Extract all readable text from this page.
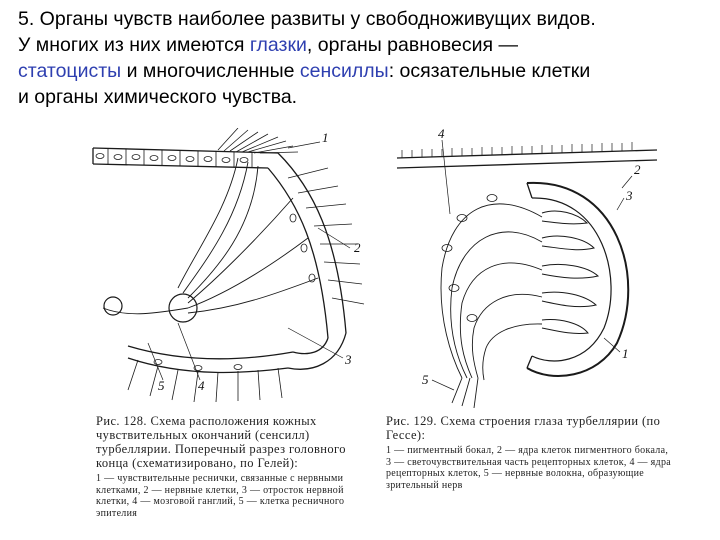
5. Органы чувств наиболее развиты у свободноживущих видов.

У многих из них имеются глазки, органы равновесия —

статоцисты и многочисленные сенсиллы: осязательные клетки

и органы химического чувства.

1
2
3
4
5
Рис. 128. Схема расположения кожных чувствительных окончаний (сенсилл) турбеллярии. Поперечный разрез головного конца (схематизировано, по Гелей):
1 — чувствительные реснички, связанные с нервными клетками, 2 — нервные клетки, 3 — отросток нервной клетки, 4 — мозговой ганглий, 5 — клетка ресничного эпителия
4
2
3
1
5
Рис. 129. Схема строения глаза турбеллярии (по Гессе):
1 — пигментный бокал, 2 — ядра клеток пигментного бокала, 3 — светочувствительная часть рецепторных клеток, 4 — ядра рецепторных клеток, 5 — нервные волокна, образующие зрительный нерв
